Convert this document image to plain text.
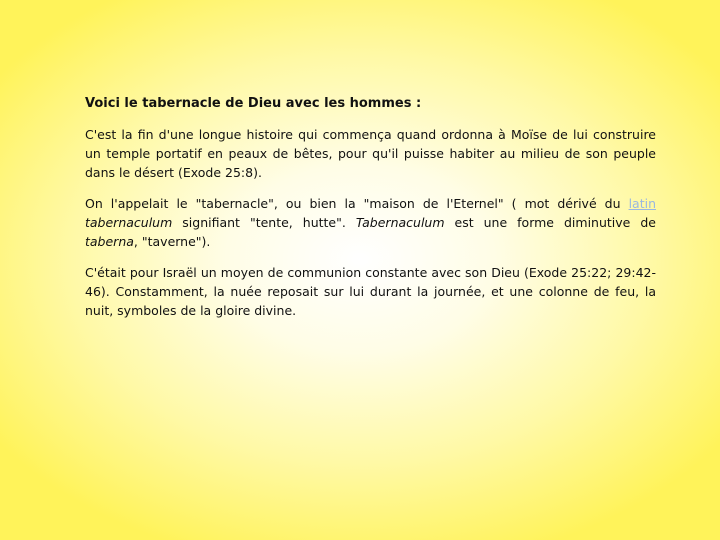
Voici le tabernacle de Dieu avec les hommes :

C'est la fin d'une longue histoire qui commença quand ordonna à Moïse de lui construire un temple portatif en peaux de bêtes, pour qu'il puisse habiter au milieu de son peuple dans le désert (Exode 25:8).

On l'appelait le "tabernacle", ou bien la "maison de l'Eternel" ( mot dérivé du latin tabernaculum signifiant "tente, hutte". Tabernaculum est une forme diminutive de taberna, "taverne").

C'était pour Israël un moyen de communion constante avec son Dieu (Exode 25:22; 29:42-46). Constamment, la nuée reposait sur lui durant la journée, et une colonne de feu, la nuit, symboles de la gloire divine.
